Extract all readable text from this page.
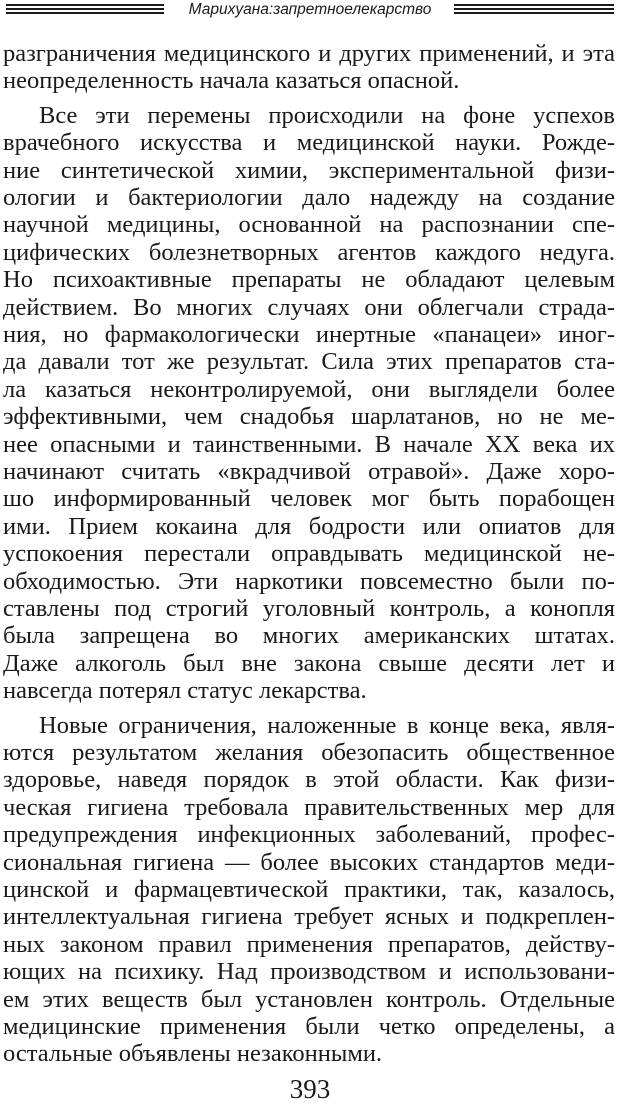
Марихуана:запретноелекарство
разграничения медицинского и других применений, и эта
неопределенность начала казаться опасной.
Все эти перемены происходили на фоне успехов
врачебного искусства и медицинской науки. Рожде-
ние синтетической химии, экспериментальной физи-
ологии и бактериологии дало надежду на создание
научной медицины, основанной на распознании спе-
цифических болезнетворных агентов каждого недуга.
Но психоактивные препараты не обладают целевым
действием. Во многих случаях они облегчали страда-
ния, но фармакологически инертные «панацеи» иног-
да давали тот же результат. Сила этих препаратов ста-
ла казаться неконтролируемой, они выглядели более
эффективными, чем снадобья шарлатанов, но не ме-
нее опасными и таинственными. В начале XX века их
начинают считать «вкрадчивой отравой». Даже хоро-
шо информированный человек мог быть порабощен
ими. Прием кокаина для бодрости или опиатов для
успокоения перестали оправдывать медицинской не-
обходимостью. Эти наркотики повсеместно были по-
ставлены под строгий уголовный контроль, а конопля
была запрещена во многих американских штатах.
Даже алкоголь был вне закона свыше десяти лет и
навсегда потерял статус лекарства.
Новые ограничения, наложенные в конце века, явля-
ются результатом желания обезопасить общественное
здоровье, наведя порядок в этой области. Как физи-
ческая гигиена требовала правительственных мер для
предупреждения инфекционных заболеваний, профес-
сиональная гигиена — более высоких стандартов меди-
цинской и фармацевтической практики, так, казалось,
интеллектуальная гигиена требует ясных и подкреплен-
ных законом правил применения препаратов, действу-
ющих на психику. Над производством и использовани-
ем этих веществ был установлен контроль. Отдельные
медицинские применения были четко определены, а
остальные объявлены незаконными.
393
